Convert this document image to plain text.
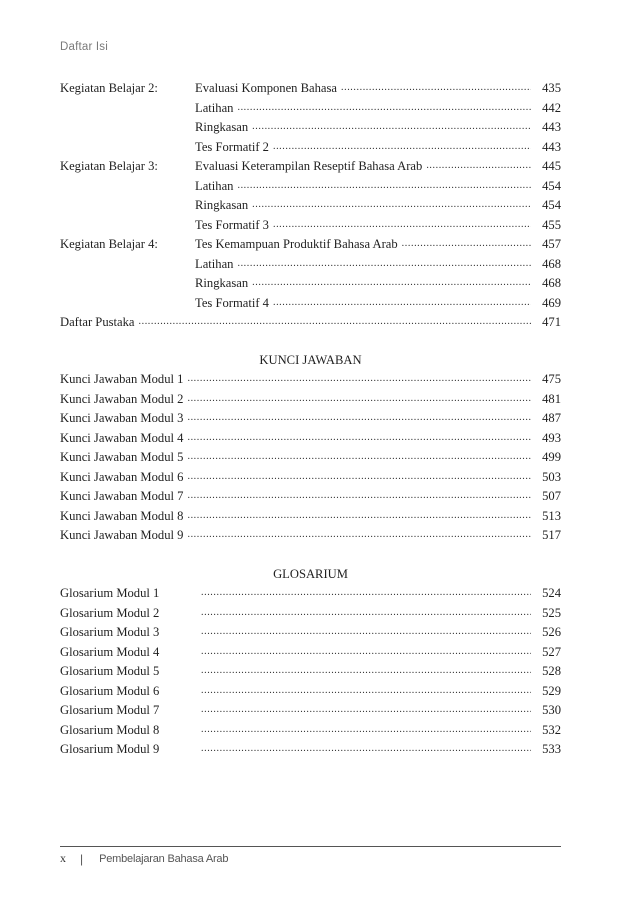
Daftar Isi
Kegiatan Belajar 2:	Evaluasi Komponen Bahasa .....	435
Latihan .....	442
Ringkasan .....	443
Tes Formatif 2 .....	443
Kegiatan Belajar 3:	Evaluasi Keterampilan Reseptif Bahasa Arab .....	445
Latihan .....	454
Ringkasan .....	454
Tes Formatif 3 .....	455
Kegiatan Belajar 4:	Tes Kemampuan Produktif Bahasa Arab .....	457
Latihan .....	468
Ringkasan .....	468
Tes Formatif 4 .....	469
Daftar Pustaka .....	471
KUNCI JAWABAN
Kunci Jawaban Modul 1 .....	475
Kunci Jawaban Modul 2 .....	481
Kunci Jawaban Modul 3 .....	487
Kunci Jawaban Modul 4 .....	493
Kunci Jawaban Modul 5 .....	499
Kunci Jawaban Modul 6 .....	503
Kunci Jawaban Modul 7 .....	507
Kunci Jawaban Modul 8 .....	513
Kunci Jawaban Modul 9 .....	517
GLOSARIUM
Glosarium Modul 1 .....	524
Glosarium Modul 2 .....	525
Glosarium Modul 3 .....	526
Glosarium Modul 4 .....	527
Glosarium Modul 5 .....	528
Glosarium Modul 6 .....	529
Glosarium Modul 7 .....	530
Glosarium Modul 8 .....	532
Glosarium Modul 9 .....	533
x | Pembelajaran Bahasa Arab
